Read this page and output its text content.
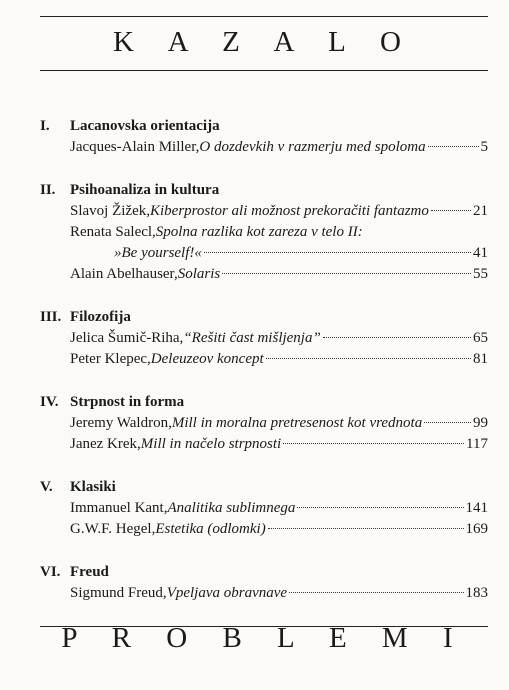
K A Z A L O
I.	Lacanovska orientacija
Jacques-Alain Miller, O dozdevkih v razmerju med spoloma	5
II. Psihoanaliza in kultura
Slavoj Žižek, Kiberprostor ali možnost prekoračiti fantazmo	21
Renata Salecl, Spolna razlika kot zareza v telo II:
»Be yourself!«	41
Alain Abelhauser, Solaris	55
III. Filozofija
Jelica Šumič-Riha, “Rešiti čast mišljenja”	65
Peter Klepec, Deleuzeov koncept	81
IV. Strpnost in forma
Jeremy Waldron, Mill in moralna pretresenost kot vrednota	99
Janez Krek, Mill in načelo strpnosti	117
V.	Klasiki
Immanuel Kant, Analitika sublimnega	141
G.W.F. Hegel, Estetika (odlomki)	169
VI. Freud
Sigmund Freud, Vpeljava obravnave	183
P R O B L E M I
